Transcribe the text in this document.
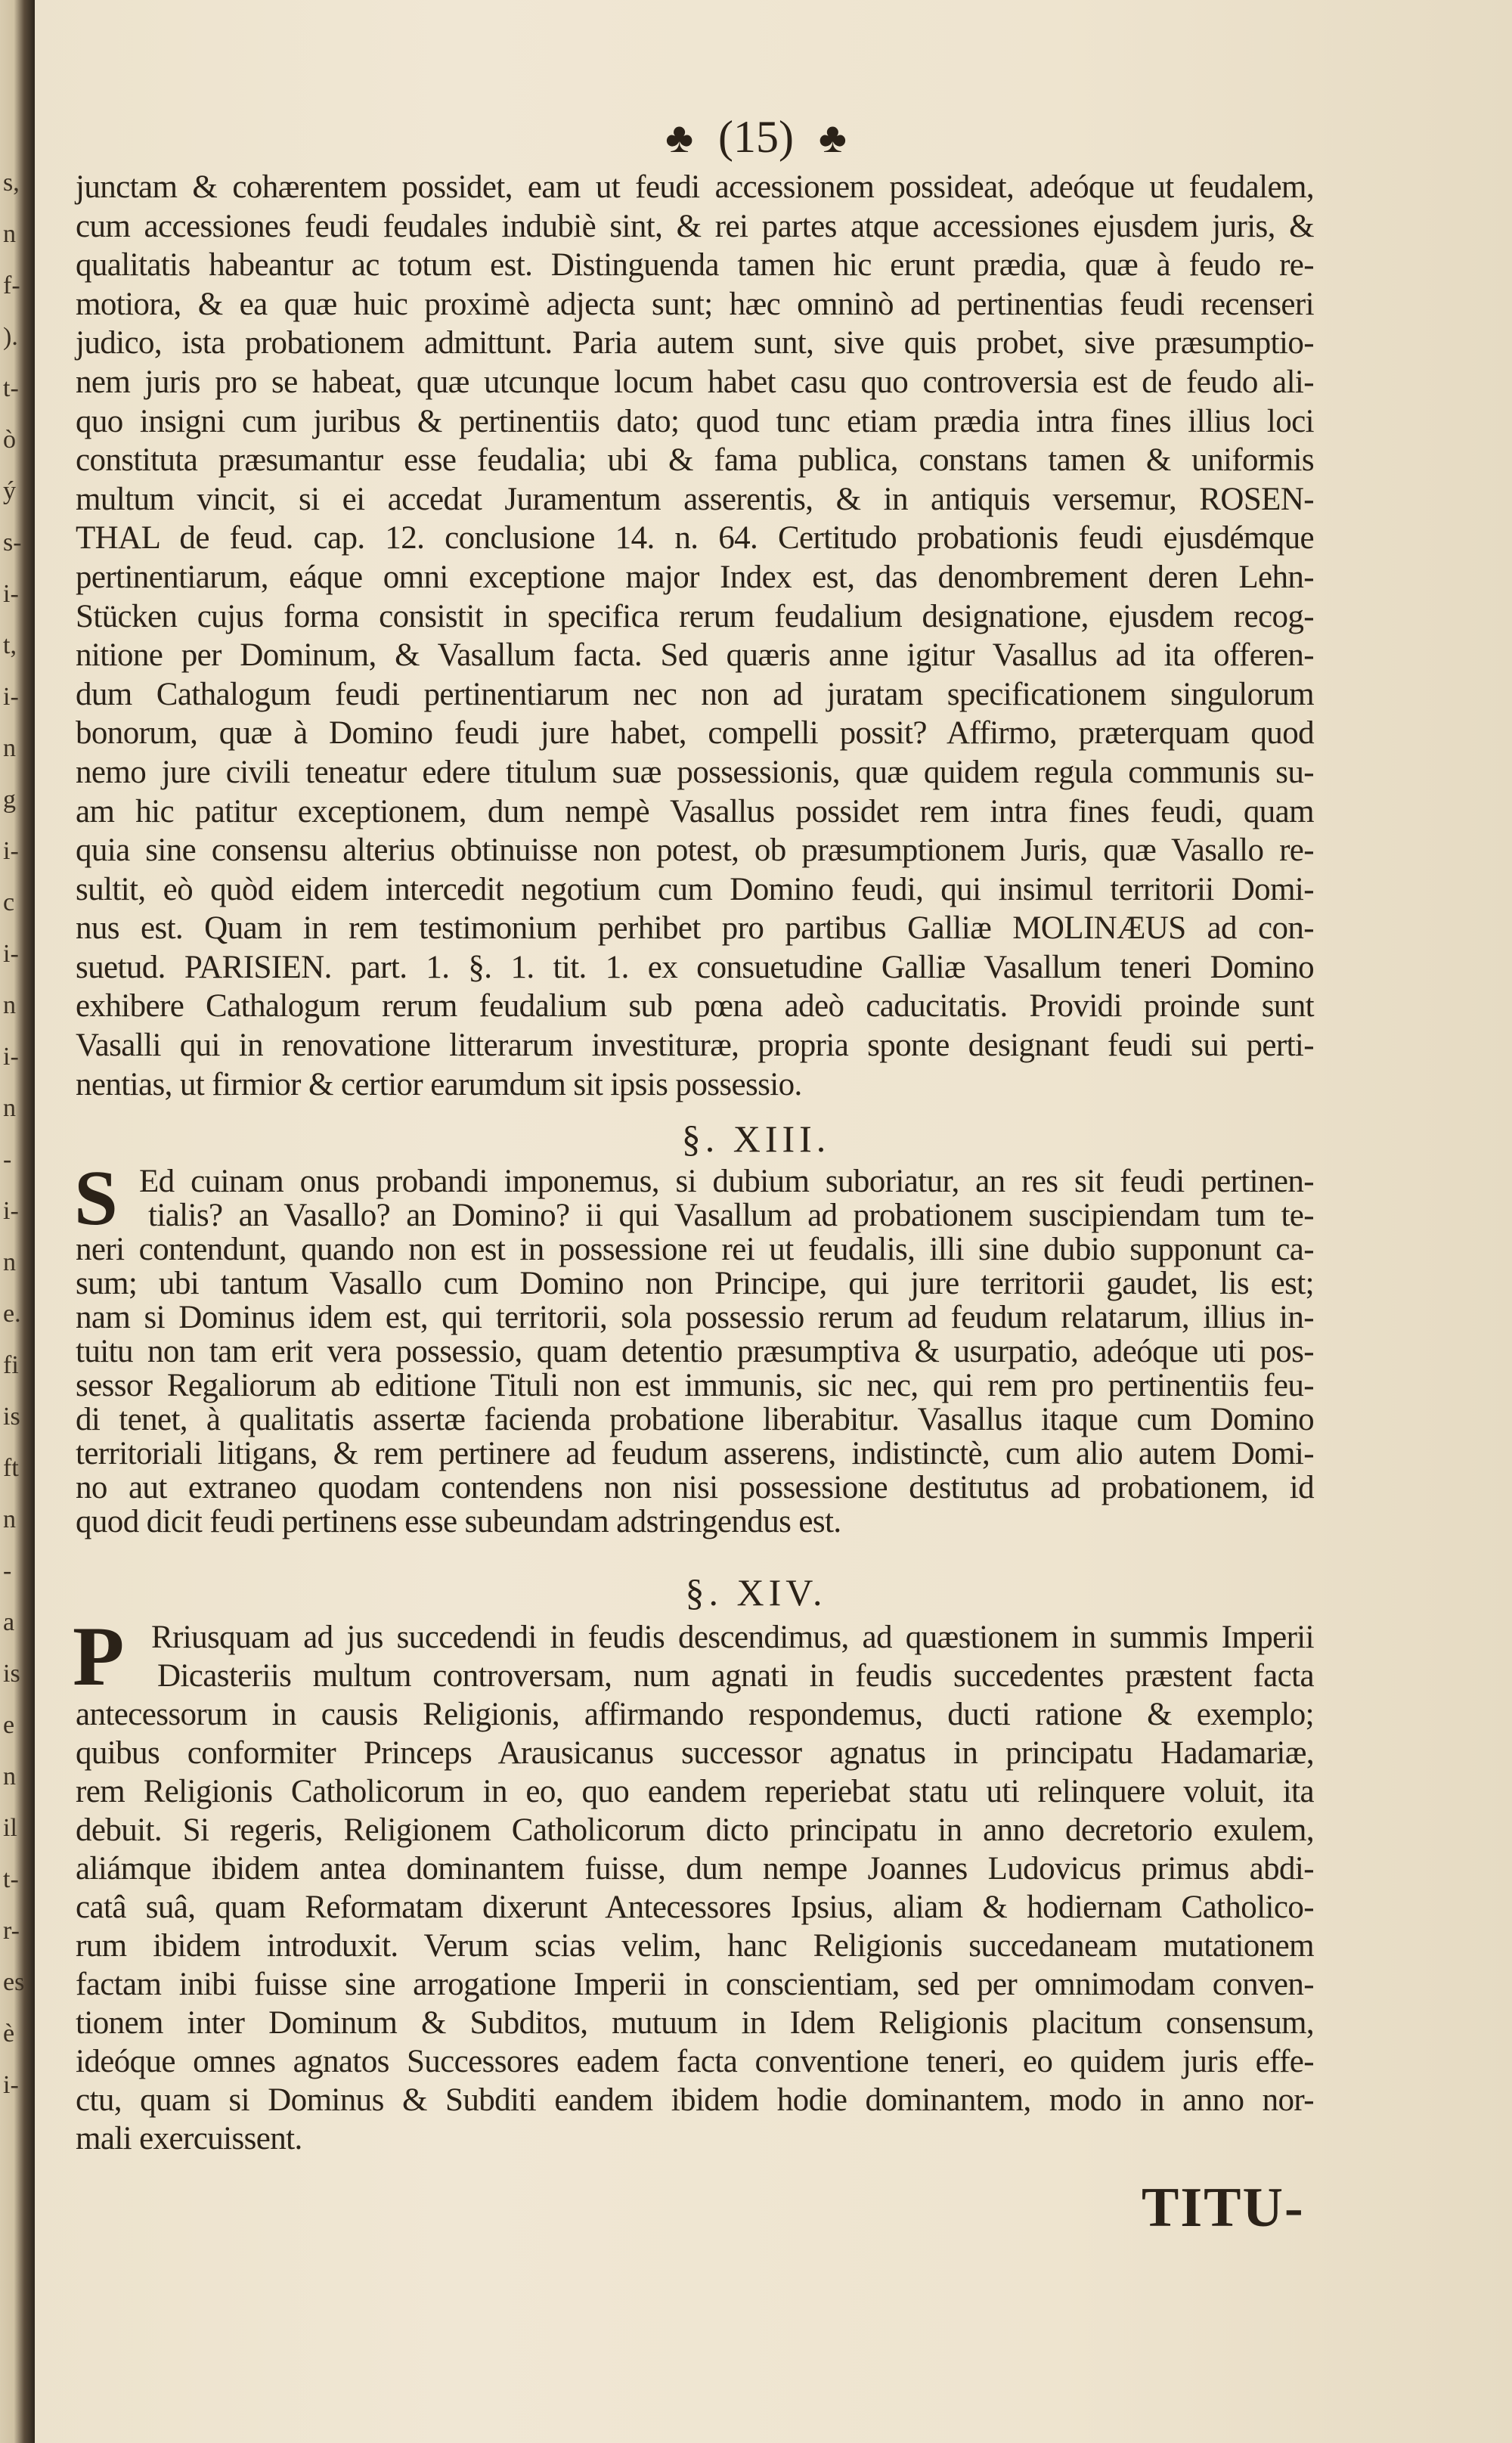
s,
n
f-
).
t-
ò
ý
s-
i-
t,
i-
n
g
i-
c
i-
n
i-
n
-
i-
n
e.
fi
is
ft
n
-
a
is
e
n
il
t-
r-
es
è
i-
♣ (15) ♣
junctam & cohærentem possidet, eam ut feudi accessionem possideat, adeóque ut feudalem,
cum accessiones feudi feudales indubiè sint, & rei partes atque accessiones ejusdem juris, &
qualitatis habeantur ac totum est. Distinguenda tamen hic erunt prædia, quæ à feudo re-
motiora, & ea quæ huic proximè adjecta sunt; hæc omninò ad pertinentias feudi recenseri
judico, ista probationem admittunt. Paria autem sunt, sive quis probet, sive præsumptio-
nem juris pro se habeat, quæ utcunque locum habet casu quo controversia est de feudo ali-
quo insigni cum juribus & pertinentiis dato; quod tunc etiam prædia intra fines illius loci
constituta præsumantur esse feudalia; ubi & fama publica, constans tamen & uniformis
multum vincit, si ei accedat Juramentum asserentis, & in antiquis versemur, ROSEN-
THAL de feud. cap. 12. conclusione 14. n. 64. Certitudo probationis feudi ejusdémque
pertinentiarum, eáque omni exceptione major Index est, das denombrement deren Lehn-
Stücken cujus forma consistit in specifica rerum feudalium designatione, ejusdem recog-
nitione per Dominum, & Vasallum facta. Sed quæris anne igitur Vasallus ad ita offeren-
dum Cathalogum feudi pertinentiarum nec non ad juratam specificationem singulorum
bonorum, quæ à Domino feudi jure habet, compelli possit? Affirmo, præterquam quod
nemo jure civili teneatur edere titulum suæ possessionis, quæ quidem regula communis su-
am hic patitur exceptionem, dum nempè Vasallus possidet rem intra fines feudi, quam
quia sine consensu alterius obtinuisse non potest, ob præsumptionem Juris, quæ Vasallo re-
sultit, eò quòd eidem intercedit negotium cum Domino feudi, qui insimul territorii Domi-
nus est. Quam in rem testimonium perhibet pro partibus Galliæ MOLINÆUS ad con-
suetud. PARISIEN. part. 1. §. 1. tit. 1. ex consuetudine Galliæ Vasallum teneri Domino
exhibere Cathalogum rerum feudalium sub pœna adeò caducitatis. Providi proinde sunt
Vasalli qui in renovatione litterarum investituræ, propria sponte designant feudi sui perti-
nentias, ut firmior & certior earumdum sit ipsis possessio.
§. XIII.
S Ed cuinam onus probandi imponemus, si dubium suboriatur, an res sit feudi pertinen-
tialis? an Vasallo? an Domino? ii qui Vasallum ad probationem suscipiendam tum te-
neri contendunt, quando non est in possessione rei ut feudalis, illi sine dubio supponunt ca-
sum; ubi tantum Vasallo cum Domino non Principe, qui jure territorii gaudet, lis est;
nam si Dominus idem est, qui territorii, sola possessio rerum ad feudum relatarum, illius in-
tuitu non tam erit vera possessio, quam detentio præsumptiva & usurpatio, adeóque uti pos-
sessor Regaliorum ab editione Tituli non est immunis, sic nec, qui rem pro pertinentiis feu-
di tenet, à qualitatis assertæ facienda probatione liberabitur. Vasallus itaque cum Domino
territoriali litigans, & rem pertinere ad feudum asserens, indistinctè, cum alio autem Domi-
no aut extraneo quodam contendens non nisi possessione destitutus ad probationem, id
quod dicit feudi pertinens esse subeundam adstringendus est.
§. XIV.
P Rriusquam ad jus succedendi in feudis descendimus, ad quæstionem in summis Imperii
Dicasteriis multum controversam, num agnati in feudis succedentes præstent facta
antecessorum in causis Religionis, affirmando respondemus, ducti ratione & exemplo;
quibus conformiter Princeps Arausicanus successor agnatus in principatu Hadamariæ,
rem Religionis Catholicorum in eo, quo eandem reperiebat statu uti relinquere voluit, ita
debuit. Si regeris, Religionem Catholicorum dicto principatu in anno decretorio exulem,
aliámque ibidem antea dominantem fuisse, dum nempe Joannes Ludovicus primus abdi-
catâ suâ, quam Reformatam dixerunt Antecessores Ipsius, aliam & hodiernam Catholico-
rum ibidem introduxit. Verum scias velim, hanc Religionis succedaneam mutationem
factam inibi fuisse sine arrogatione Imperii in conscientiam, sed per omnimodam conven-
tionem inter Dominum & Subditos, mutuum in Idem Religionis placitum consensum,
ideóque omnes agnatos Successores eadem facta conventione teneri, eo quidem juris effe-
ctu, quam si Dominus & Subditi eandem ibidem hodie dominantem, modo in anno nor-
mali exercuissent.
TITU-
